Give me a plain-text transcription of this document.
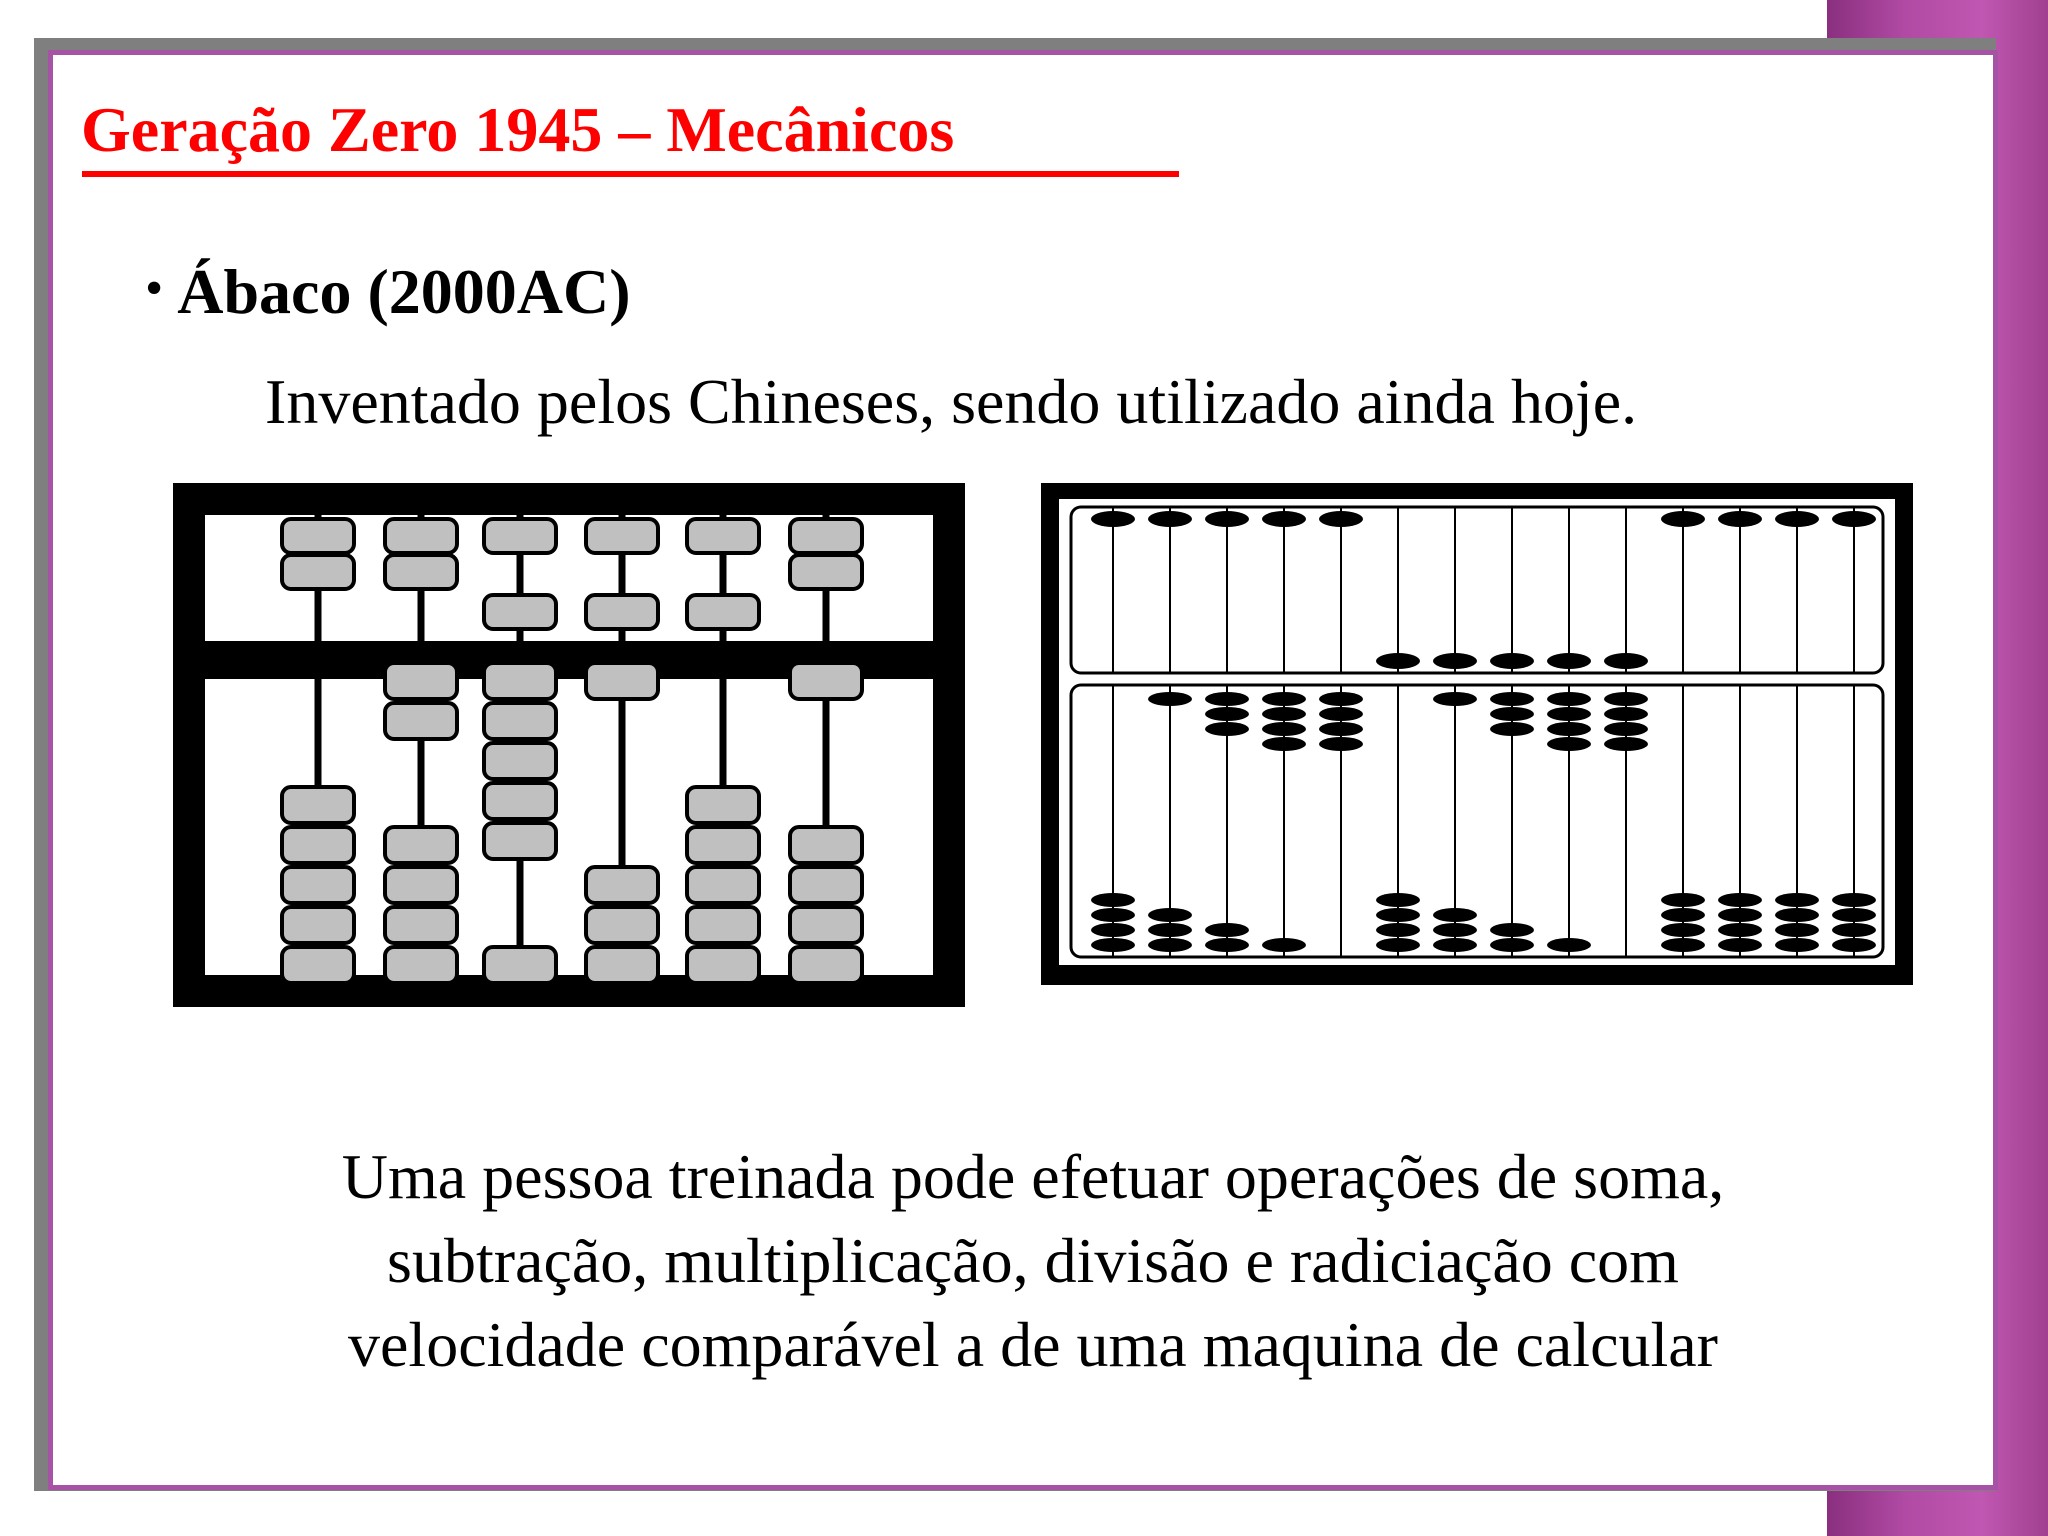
Geração Zero 1945 – Mecânicos
• Ábaco (2000AC)
Inventado pelos Chineses, sendo utilizado ainda hoje.
Uma pessoa treinada pode efetuar operações de soma,
subtração, multiplicação, divisão e radiciação com
velocidade comparável a de uma maquina de calcular
